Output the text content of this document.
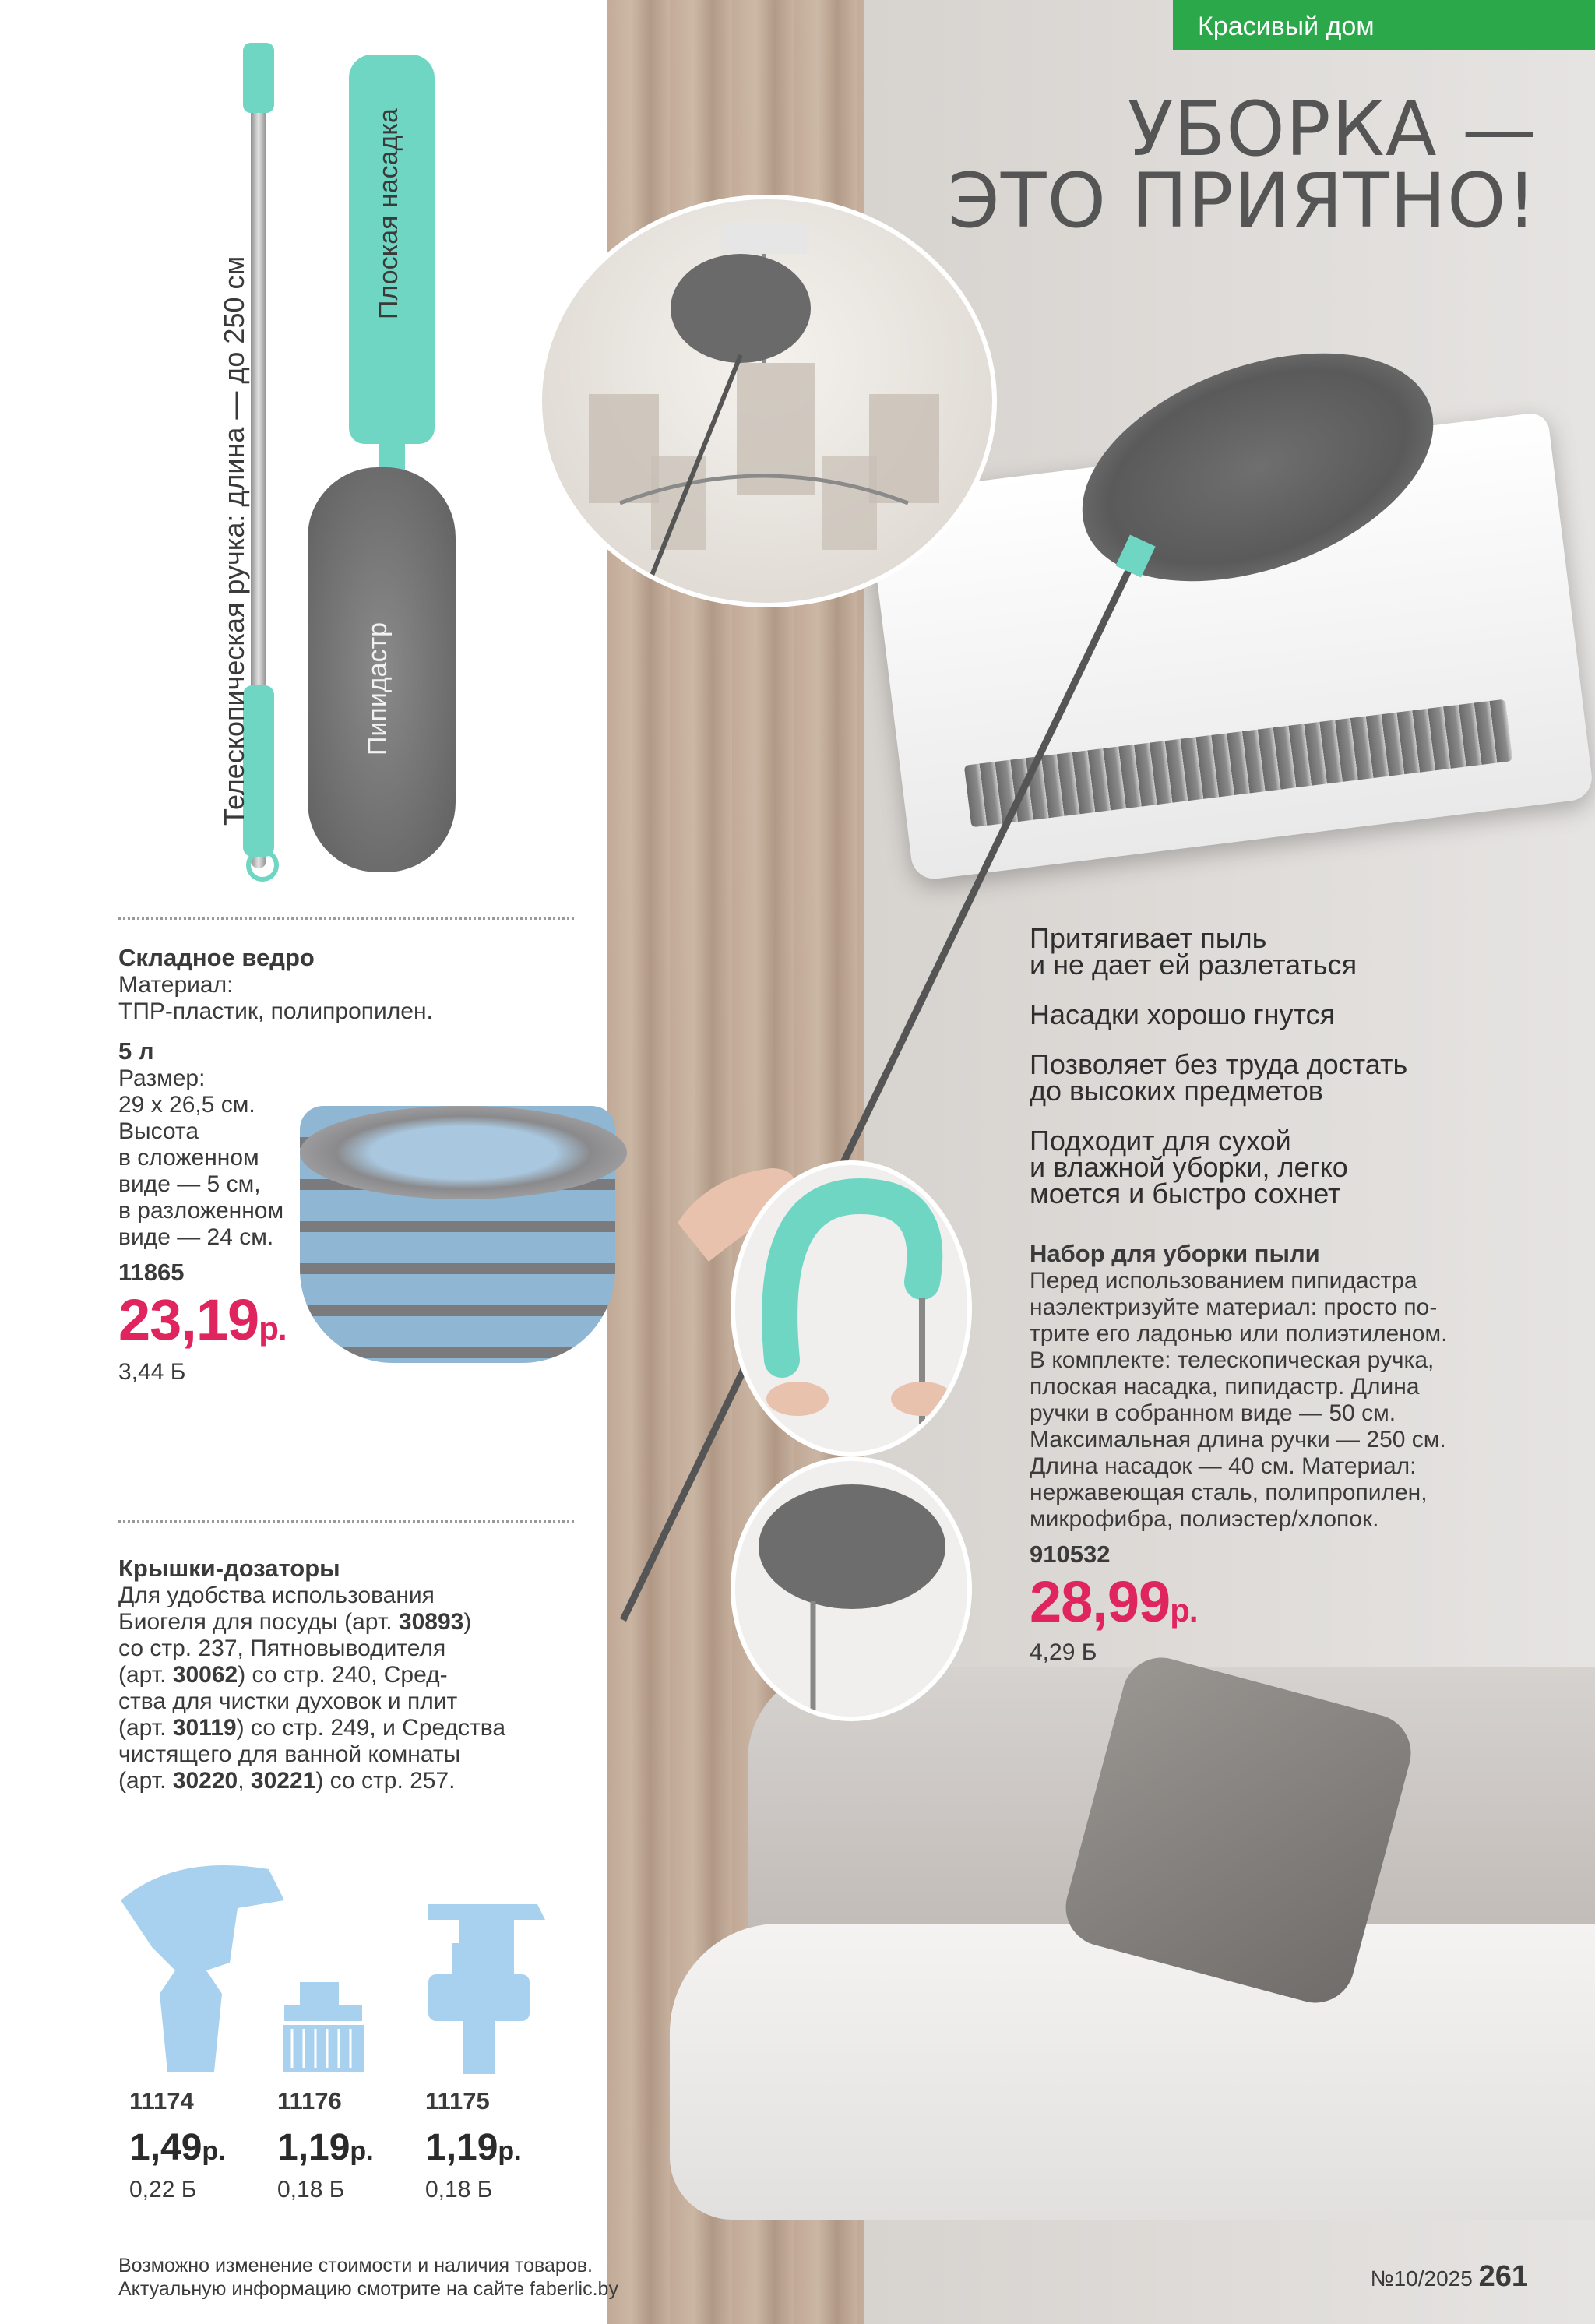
Красивый дом
УБОРКА —
ЭТО ПРИЯТНО!
Телескопическая ручка: длина — до 250 см
Плоская насадка
Пипидастр
Складное ведро
Материал:
ТПР-пластик, полипропилен.
5 л
Размер:
29 х 26,5 см.
Высота
в сложенном
виде — 5 см,
в разложенном
виде — 24 см.
11865
23,19р.
3,44 Б
Крышки-дозаторы
Для удобства использования
Биогеля для посуды (арт. 30893)
со стр. 237, Пятновыводителя
(арт. 30062) со стр. 240, Сред-
ства для чистки духовок и плит
(арт. 30119) со стр. 249, и Средства
чистящего для ванной комнаты
(арт. 30220, 30221) со стр. 257.
11174
1,49р.
0,22 Б
11176
1,19р.
0,18 Б
11175
1,19р.
0,18 Б
Притягивает пыль
и не дает ей разлетаться
Насадки хорошо гнутся
Позволяет без труда достать
до высоких предметов
Подходит для сухой
и влажной уборки, легко
моется и быстро сохнет
Набор для уборки пыли
Перед использованием пипидастра
наэлектризуйте материал: просто по-
трите его ладонью или полиэтиленом.
В комплекте: телескопическая ручка,
плоская насадка, пипидастр. Длина
ручки в собранном виде — 50 см.
Максимальная длина ручки — 250 см.
Длина насадок — 40 см. Материал:
нержавеющая сталь, полипропилен,
микрофибра, полиэстер/хлопок.
910532
28,99р.
4,29 Б
Возможно изменение стоимости и наличия товаров.
Актуальную информацию смотрите на сайте faberlic.by	№10/2025 261
